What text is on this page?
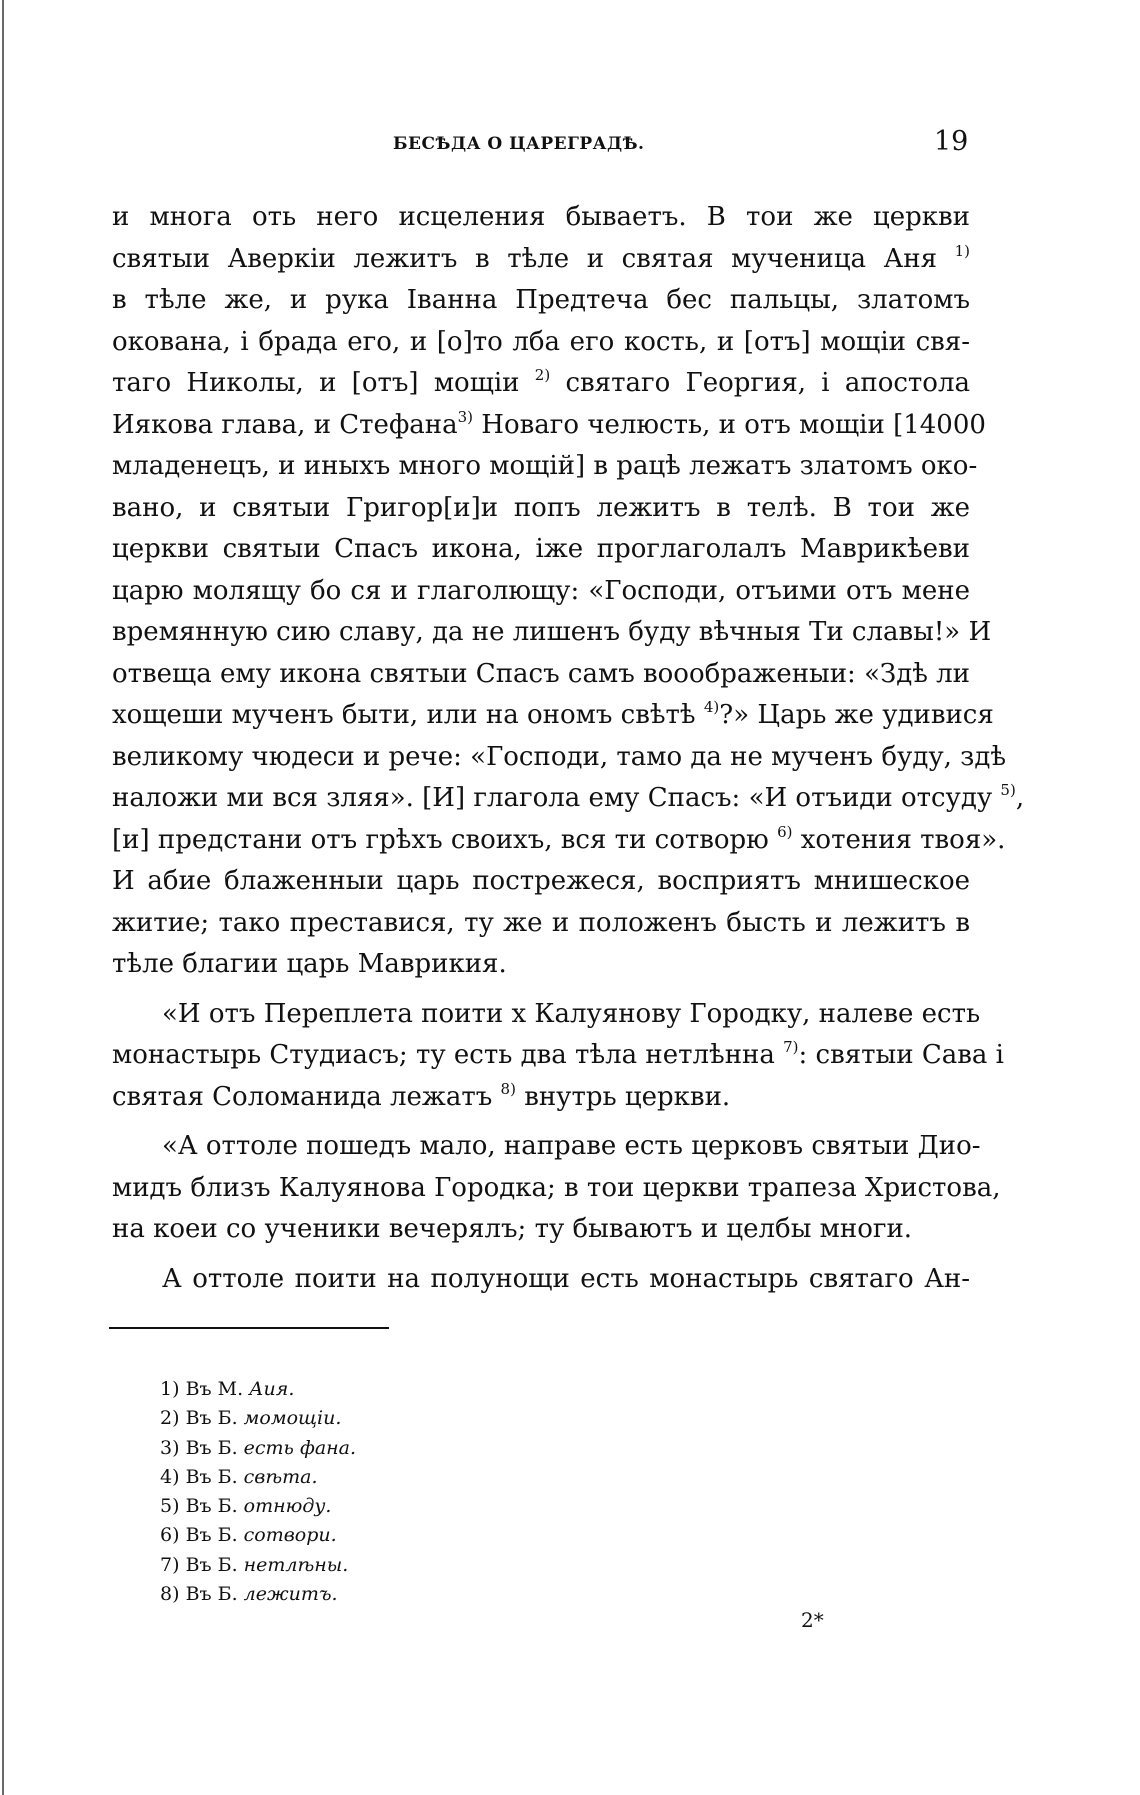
БЕСѢДА О ЦАРЕГРАДѢ.	19
и многа оть него исцеления бываетъ. В тои же церкви
святыи Аверкіи лежитъ в тѣле и святая мученица Аня $^{1)}$
в тѣле же, и рука Іванна Предтеча бес пальцы, златомъ
окована, і брада его, и [о]то лба его кость, и [отъ] мощіи свя-
таго Николы, и [отъ] мощіи $^{2)}$ святаго Георгия, і апостола
Иякова глава, и Стефана$^{3)}$ Новаго челюсть, и отъ мощіи [14000
младенецъ, и иныхъ много мощій] в рацѣ лежатъ златомъ око-
вано, и святыи Григор[и]и попъ лежитъ в телѣ. В тои же
церкви святыи Спасъ икона, іже проглаголалъ Маврикѣеви
царю молящу бо ся и глаголющу: «Господи, отъими отъ мене
времянную сию славу, да не лишенъ буду вѣчныя Ти славы!» И
отвеща ему икона святыи Спасъ самъ вооображеныи: «Здѣ ли
хощеши мученъ быти, или на ономъ свѣтѣ $^{4)}$?» Царь же удивися
великому чюдеси и рече: «Господи, тамо да не мученъ буду, здѣ
наложи ми вся зляя». [И] глагола ему Спасъ: «И отъиди отсуду $^{5)}$,
[и] предстани отъ грѣхъ своихъ, вся ти сотворю $^{6)}$ хотения твоя».
И абие блаженныи царь пострежеся, восприятъ мнишеское
житие; тако преставися, ту же и положенъ бысть и лежитъ в
тѣле благии царь Маврикия.
«И отъ Переплета поити х Калуянову Городку, налеве есть
монастырь Студиасъ; ту есть два тѣла нетлѣнна $^{7)}$: святыи Сава і
святая Соломанида лежатъ $^{8)}$ внутрь церкви.
«А оттоле пошедъ мало, направе есть церковъ святыи Дио-
мидъ близъ Калуянова Городка; в тои церкви трапеза Христова,
на коеи со ученики вечерялъ; ту бываютъ и целбы многи.
А оттоле поити на полунощи есть монастырь святаго Ан-
1) Въ М. Аия.
2) Въ Б. момощіи.
3) Въ Б. есть фана.
4) Въ Б. свѣта.
5) Въ Б. отнюду.
6) Въ Б. сотвори.
7) Въ Б. нетлѣны.
8) Въ Б. лежитъ.
2*
